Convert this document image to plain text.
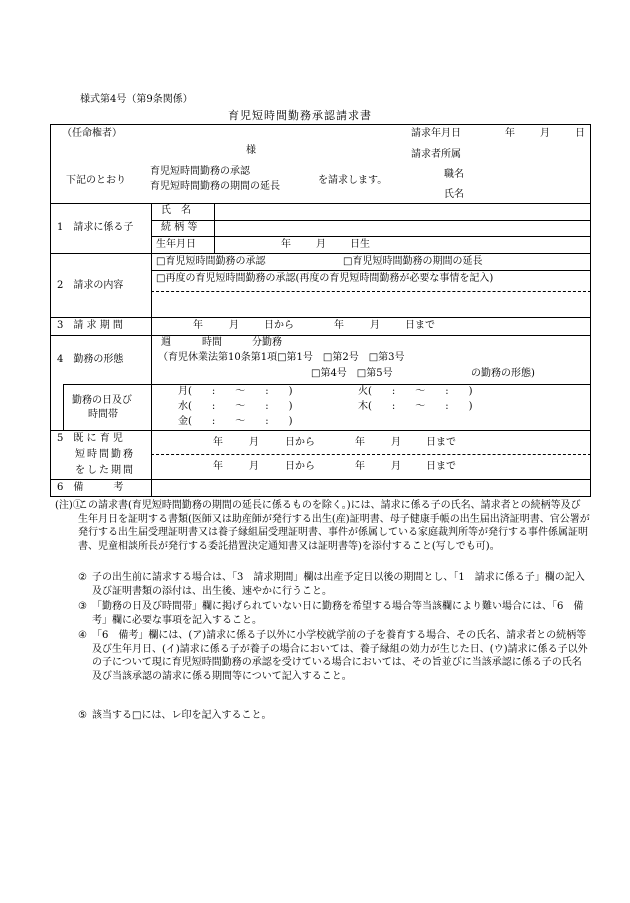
様式第4号（第9条関係）
育児短時間勤務承認請求書
（任命権者）
様
下記のとおり
育児短時間勤務の承認
育児短時間勤務の期間の延長
を請求します。
請求年月日	年	月	日
請求者所属
職名
氏名
1　請求に係る子
氏　名
続 柄 等
生年月日	年	月 日生
2　請求の内容
□育児短時間勤務の承認	□育児短時間勤務の期間の延長
□再度の育児短時間勤務の承認(再度の育児短時間勤務が必要な事情を記入)
3　請 求 期 間	年	月	日から	年	月	日まで
4　勤務の形態
週	時間	分勤務
（育児休業法第10条第1項□第1号　□第2号　□第3号
□第4号　□第5号	の勤務の形態)
勤務の日及び
時間帯
月(　　:　　～　　:　　)	火(　　:　　～　　:　　)
水(　　:　　～　　:　　)	木(　　:　　～　　:　　)
金(　　:　　～　　:　　)
5　既 に 育 児
短時間勤務
をした期間
年	月	日から	年	月	日まで
年	月	日から	年	月	日まで
6　備　　　考
(注)①
この請求書(育児短時間勤務の期間の延長に係るものを除く。)には、請求に係る子の氏名、請求者との続柄等及び生年月日を証明する書類(医師又は助産師が発行する出生(産)証明書、母子健康手帳の出生届出済証明書、官公署が発行する出生届受理証明書又は養子縁組届受理証明書、事件が係属している家庭裁判所等が発行する事件係属証明書、児童相談所長が発行する委託措置決定通知書又は証明書等)を添付すること(写しでも可)。
② 子の出生前に請求する場合は、「3　請求期間」欄は出産予定日以後の期間とし、「1　請求に係る子」欄の記入及び証明書類の添付は、出生後、速やかに行うこと。
③ 「勤務の日及び時間帯」欄に掲げられていない日に勤務を希望する場合等当該欄により難い場合には、「6　備考」欄に必要な事項を記入すること。
④ 「6　備考」欄には、(ア)請求に係る子以外に小学校就学前の子を養育する場合、その氏名、請求者との続柄等及び生年月日、(イ)請求に係る子が養子の場合においては、養子縁組の効力が生じた日、(ウ)請求に係る子以外の子について現に育児短時間勤務の承認を受けている場合においては、その旨並びに当該承認に係る子の氏名及び当該承認の請求に係る期間等について記入すること。
⑤ 該当する□には、レ印を記入すること。
